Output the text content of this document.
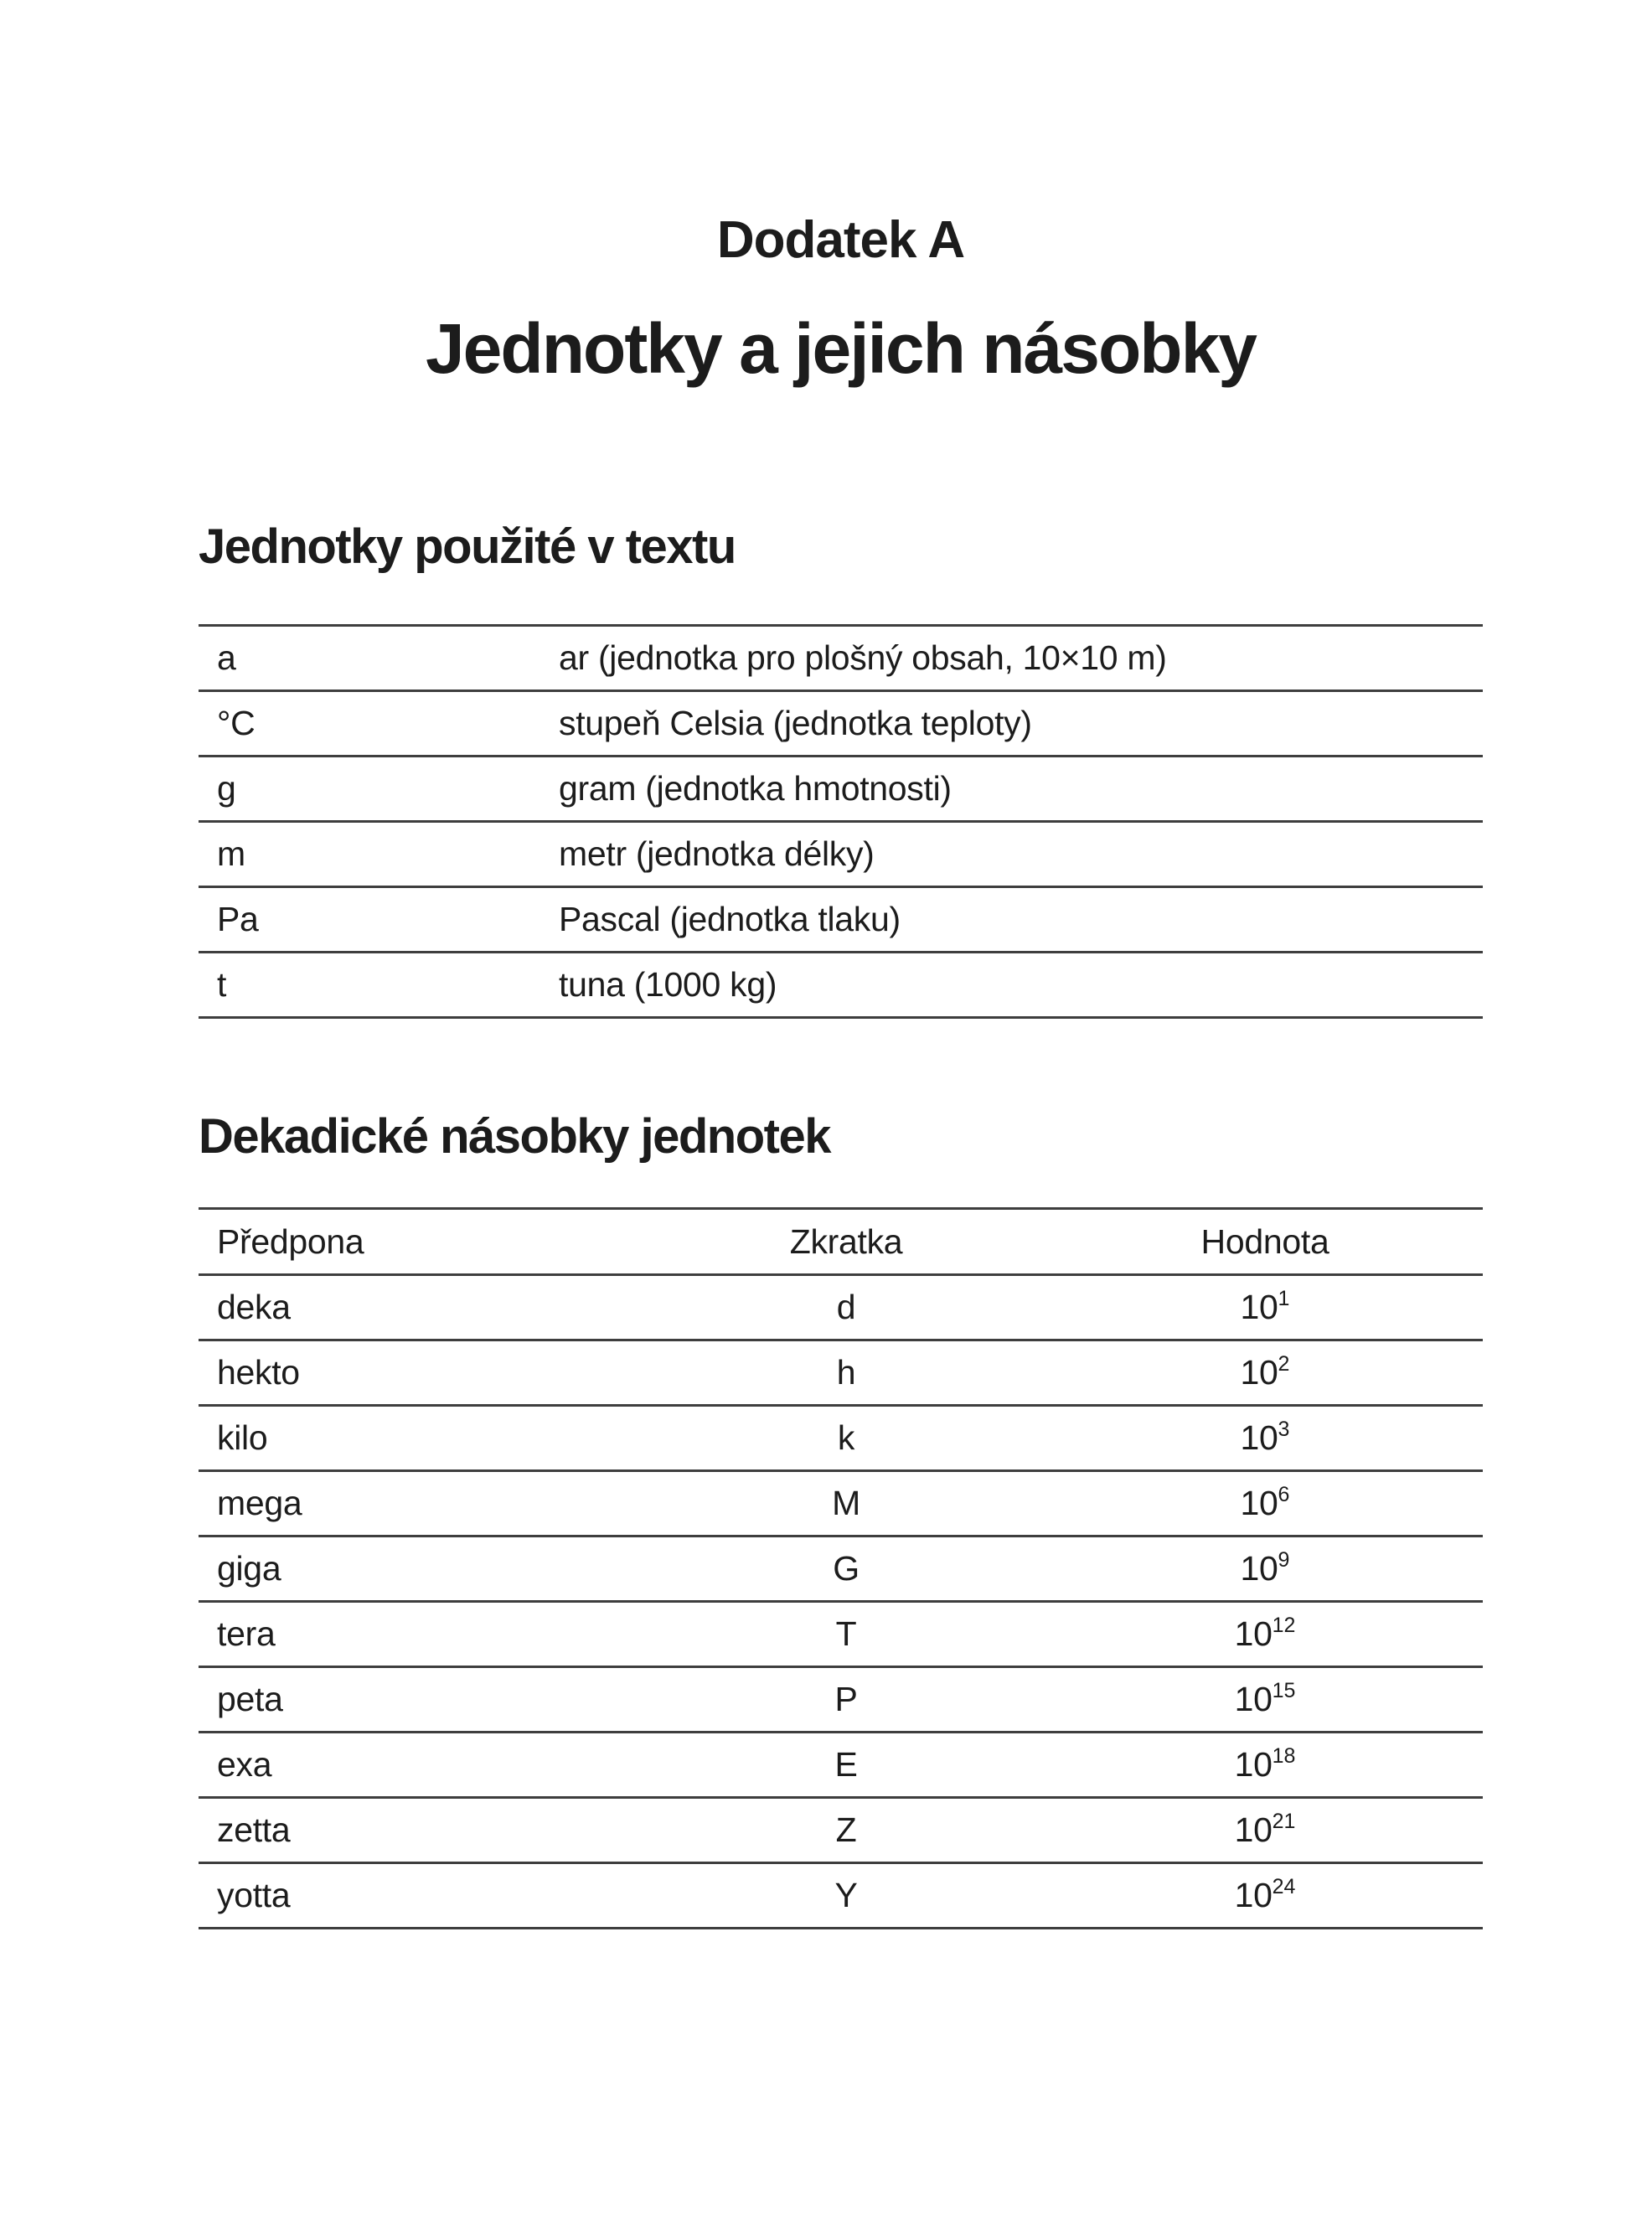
Dodatek A
Jednotky a jejich násobky
Jednotky použité v textu
a	ar (jednotka pro plošný obsah, 10×10 m)
°C	stupeň Celsia (jednotka teploty)
g	gram (jednotka hmotnosti)
m	metr (jednotka délky)
Pa	Pascal (jednotka tlaku)
t	tuna (1000 kg)
Dekadické násobky jednotek
Předpona	Zkratka	Hodnota
deka	d	$10^1$
hekto	h	$10^2$
kilo	k	$10^3$
mega	M	$10^6$
giga	G	$10^9$
tera	T	$10^{12}$
peta	P	$10^{15}$
exa	E	$10^{18}$
zetta	Z	$10^{21}$
yotta	Y	$10^{24}$
